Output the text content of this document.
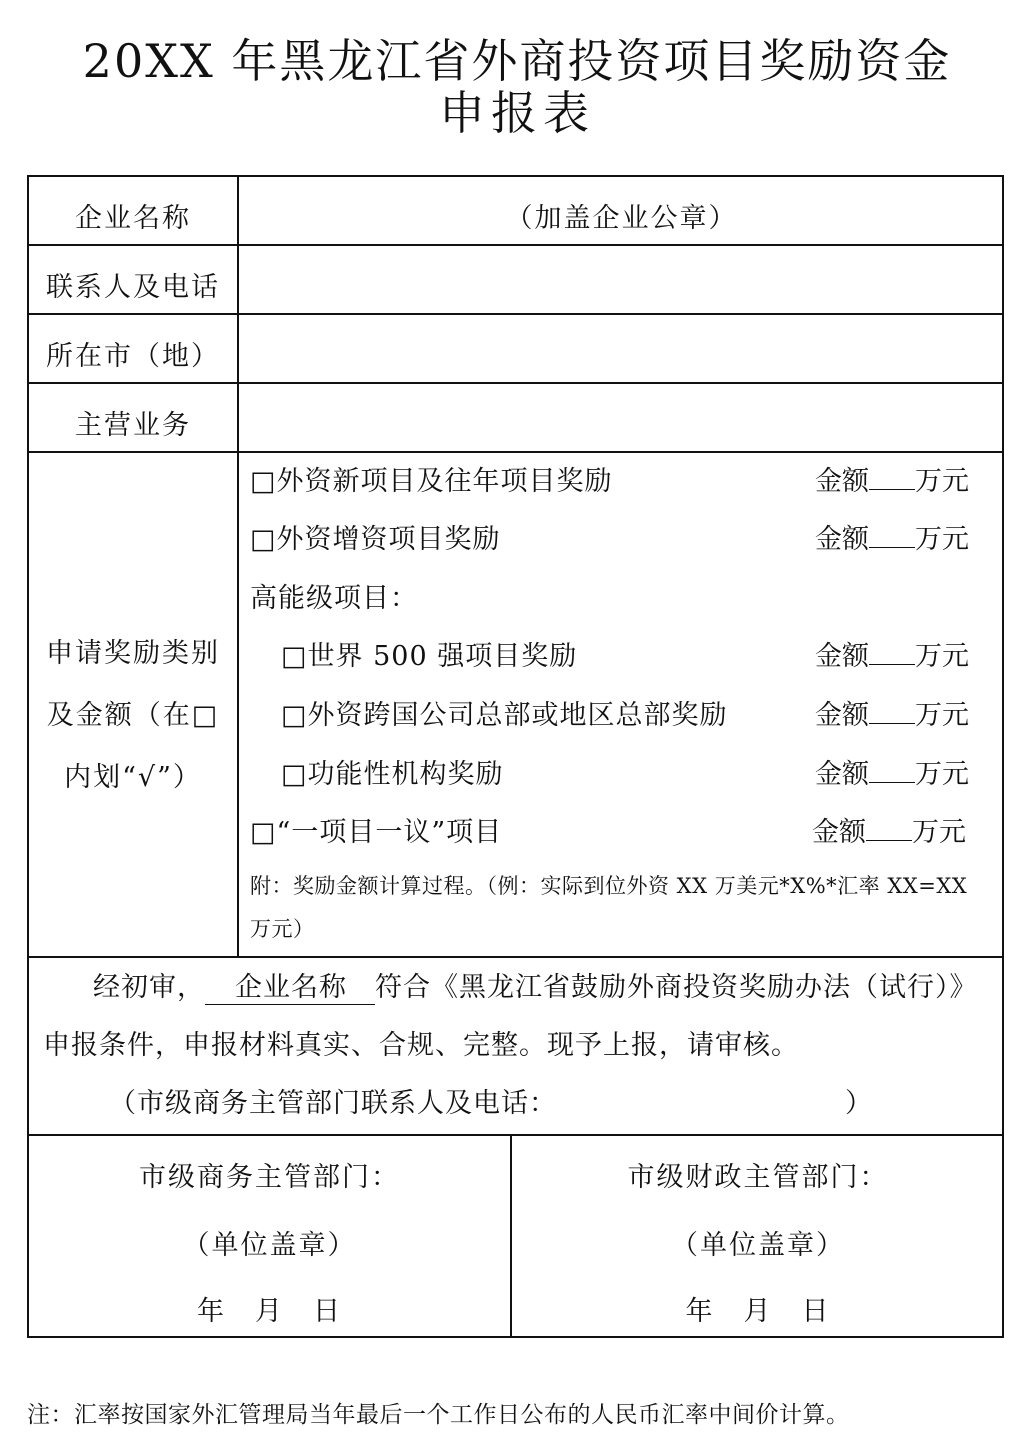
20XX 年黑龙江省外商投资项目奖励资金
申报表
企业名称	（加盖企业公章）
联系人及电话
所在市（地）
主营业务
申请奖励类别
及金额（在□
内划“√”）
□外资新项目及往年项目奖励	金额 万元
□外资增资项目奖励	金额 万元
高能级项目：
□世界 500 强项目奖励	金额 万元
□外资跨国公司总部或地区总部奖励	金额 万元
□功能性机构奖励	金额 万元
□“一项目一议”项目	金额 万元
附：奖励金额计算过程。（例：实际到位外资 XX 万美元*X%*汇率 XX=XX
万元）
经初审， 企业名称 符合《黑龙江省鼓励外商投资奖励办法（试行）》
申报条件，申报材料真实、合规、完整。现予上报，请审核。
（市级商务主管部门联系人及电话：	）
市级商务主管部门：
（单位盖章）
年　月　日
市级财政主管部门：
（单位盖章）
年　月　日
注：汇率按国家外汇管理局当年最后一个工作日公布的人民币汇率中间价计算。
